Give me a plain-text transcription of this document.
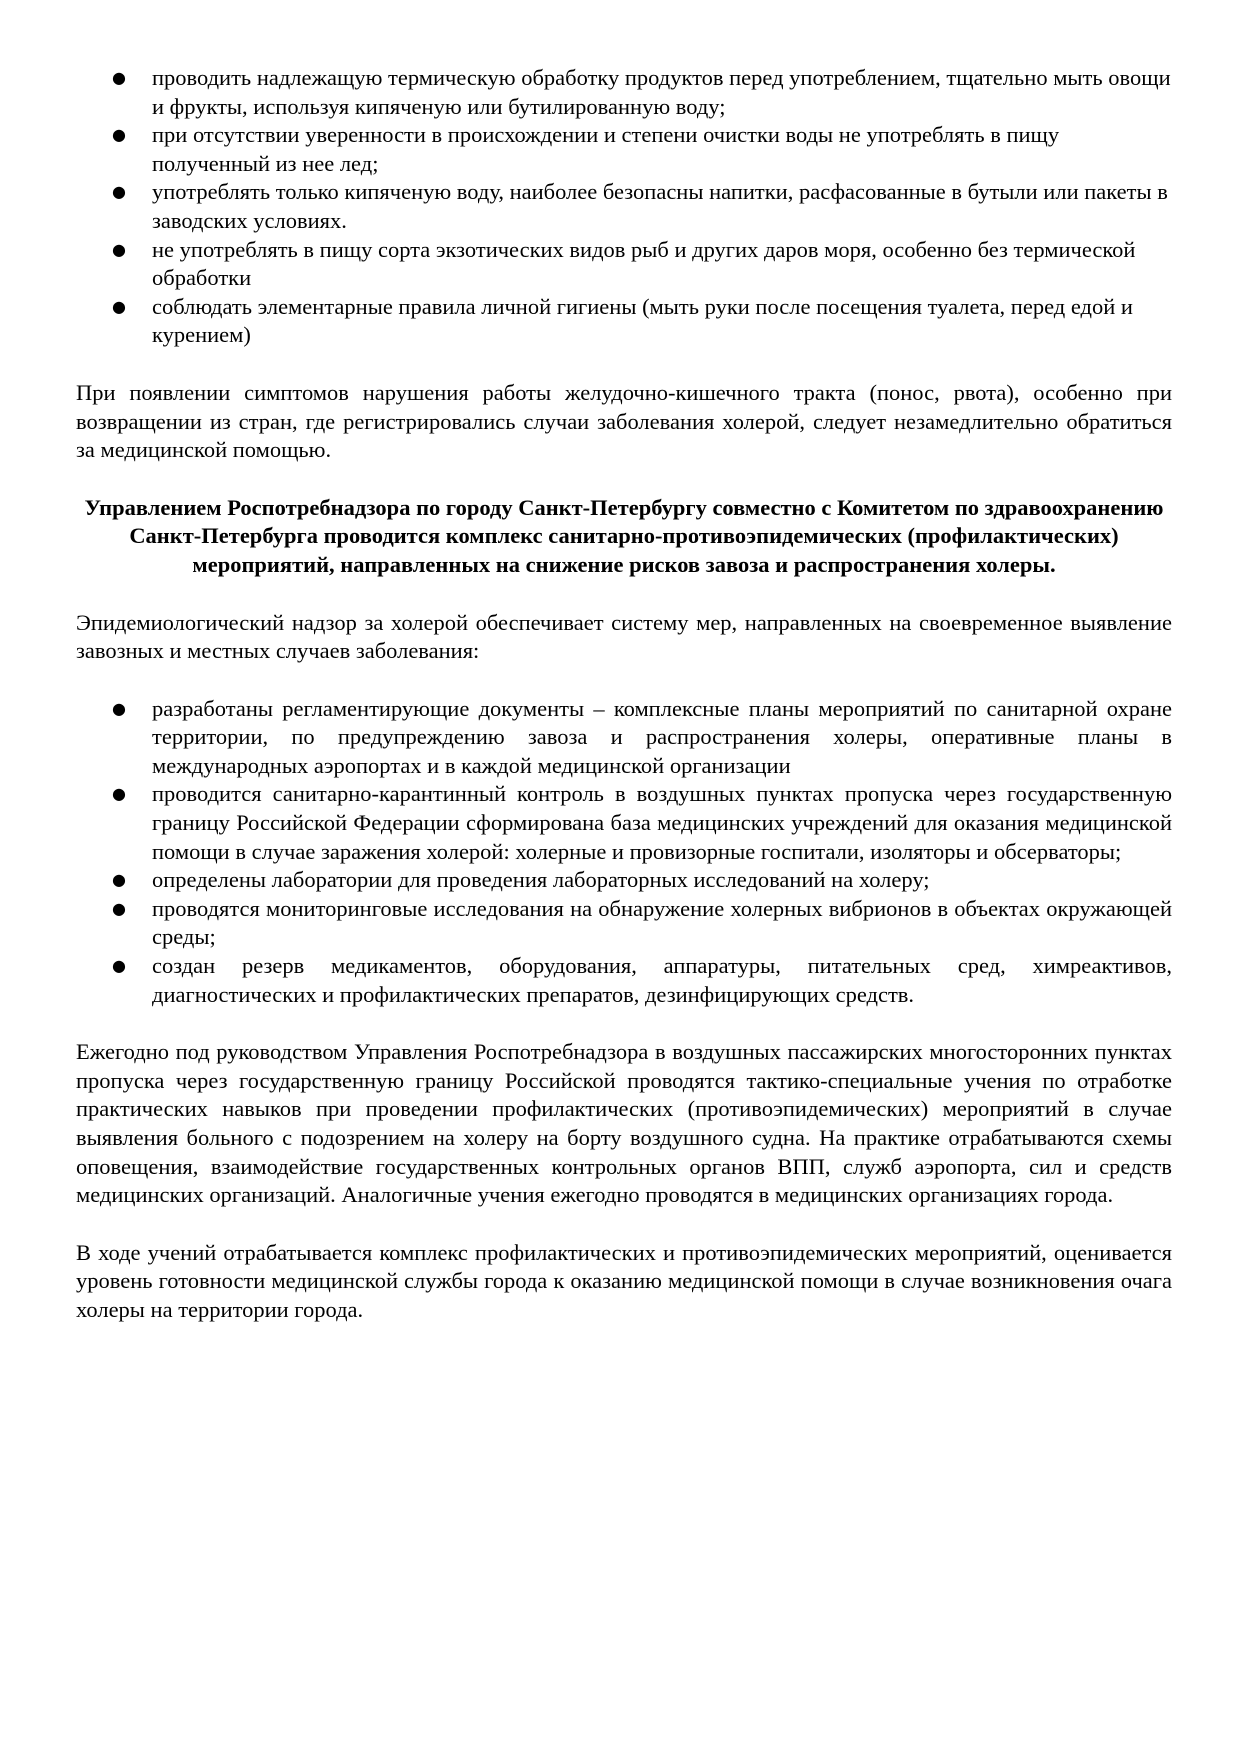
● проводить надлежащую термическую обработку продуктов перед употреблением, тщательно мыть овощи и фрукты, используя кипяченую или бутилированную воду;
● при отсутствии уверенности в происхождении и степени очистки воды не употреблять в пищу полученный из нее лед;
● употреблять только кипяченую воду, наиболее безопасны напитки, расфасованные в бутыли или пакеты в заводских условиях.
● не употреблять в пищу сорта экзотических видов рыб и других даров моря, особенно без термической обработки
● соблюдать элементарные правила личной гигиены (мыть руки после посещения туалета, перед едой и курением)

При появлении симптомов нарушения работы желудочно-кишечного тракта (понос, рвота), особенно при возвращении из стран, где регистрировались случаи заболевания холерой, следует незамедлительно обратиться за медицинской помощью.

Управлением Роспотребнадзора по городу Санкт-Петербургу совместно с Комитетом по здравоохранению Санкт-Петербурга проводится комплекс санитарно-противоэпидемических (профилактических) мероприятий, направленных на снижение рисков завоза и распространения холеры.

Эпидемиологический надзор за холерой обеспечивает систему мер, направленных на своевременное выявление завозных и местных случаев заболевания:

● разработаны регламентирующие документы – комплексные планы мероприятий по санитарной охране территории, по предупреждению завоза и распространения холеры, оперативные планы в международных аэропортах и в каждой медицинской организации
● проводится санитарно-карантинный контроль в воздушных пунктах пропуска через государственную границу Российской Федерации сформирована база медицинских учреждений для оказания медицинской помощи в случае заражения холерой: холерные и провизорные госпитали, изоляторы и обсерваторы;
● определены лаборатории для проведения лабораторных исследований на холеру;
● проводятся мониторинговые исследования на обнаружение холерных вибрионов в объектах окружающей среды;
● создан резерв медикаментов, оборудования, аппаратуры, питательных сред, химреактивов, диагностических и профилактических препаратов, дезинфицирующих средств.

Ежегодно под руководством Управления Роспотребнадзора в воздушных пассажирских многосторонних пунктах пропуска через государственную границу Российской проводятся тактико-специальные учения по отработке практических навыков при проведении профилактических (противоэпидемических) мероприятий в случае выявления больного с подозрением на холеру на борту воздушного судна. На практике отрабатываются схемы оповещения, взаимодействие государственных контрольных органов ВПП, служб аэропорта, сил и средств медицинских организаций. Аналогичные учения ежегодно проводятся в медицинских организациях города.

В ходе учений отрабатывается комплекс профилактических и противоэпидемических мероприятий, оценивается уровень готовности медицинской службы города к оказанию медицинской помощи в случае возникновения очага холеры на территории города.
